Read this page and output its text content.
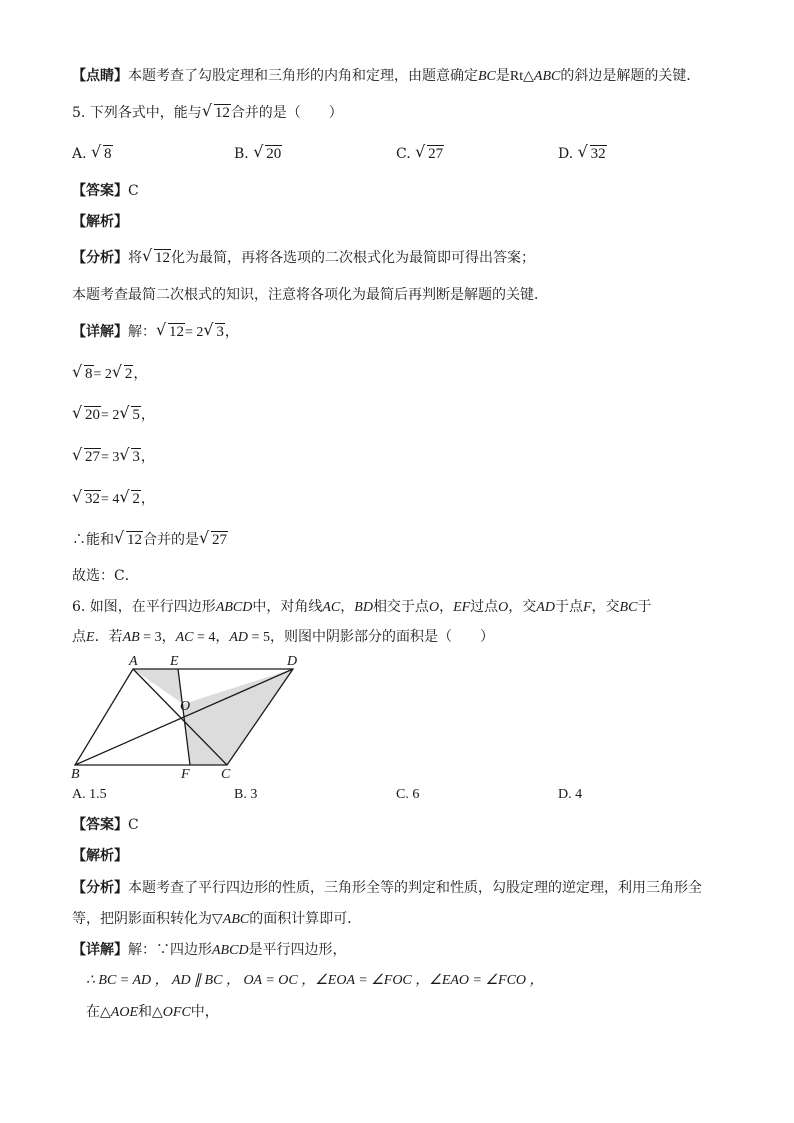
【点睛】本题考查了勾股定理和三角形的内角和定理，由题意确定BC是Rt△ABC的斜边是解题的关键．
5. 下列各式中，能与 √ 12合并的是（　　）
A. √ 8	B. √ 20	C. √ 27	D. √ 32
【答案】C
【解析】
【分析】将 √ 12化为最简，再将各选项的二次根式化为最简即可得出答案；
本题考查最简二次根式的知识，注意将各项化为最简后再判断是解题的关键．
【详解】解： √ 12= 2 √ 3，
√ 8= 2 √ 2，
√ 20= 2 √ 5，
√ 27= 3 √ 3，
√ 32= 4 √ 2，
∴能和 √ 12合并的是 √ 27
故选：C．
6. 如图，在平行四边形ABCD中，对角线AC，BD相交于点O，EF过点O，交AD于点F，交BC于
点E．若AB = 3，AC = 4，AD = 5，则图中阴影部分的面积是（　　）
A E	D
O
B	F C
A. 1.5	B. 3	C. 6	D. 4
【答案】C
【解析】
【分析】本题考查了平行四边形的性质，三角形全等的判定和性质，勾股定理的逆定理，利用三角形全
等，把阴影面积转化为▽ABC的面积计算即可．
【详解】解：∵四边形ABCD是平行四边形，
∴ BC = AD ， AD ∥ BC ， OA = OC ，∠EOA = ∠FOC ，∠EAO = ∠FCO ，
在△AOE和△OFC中，
